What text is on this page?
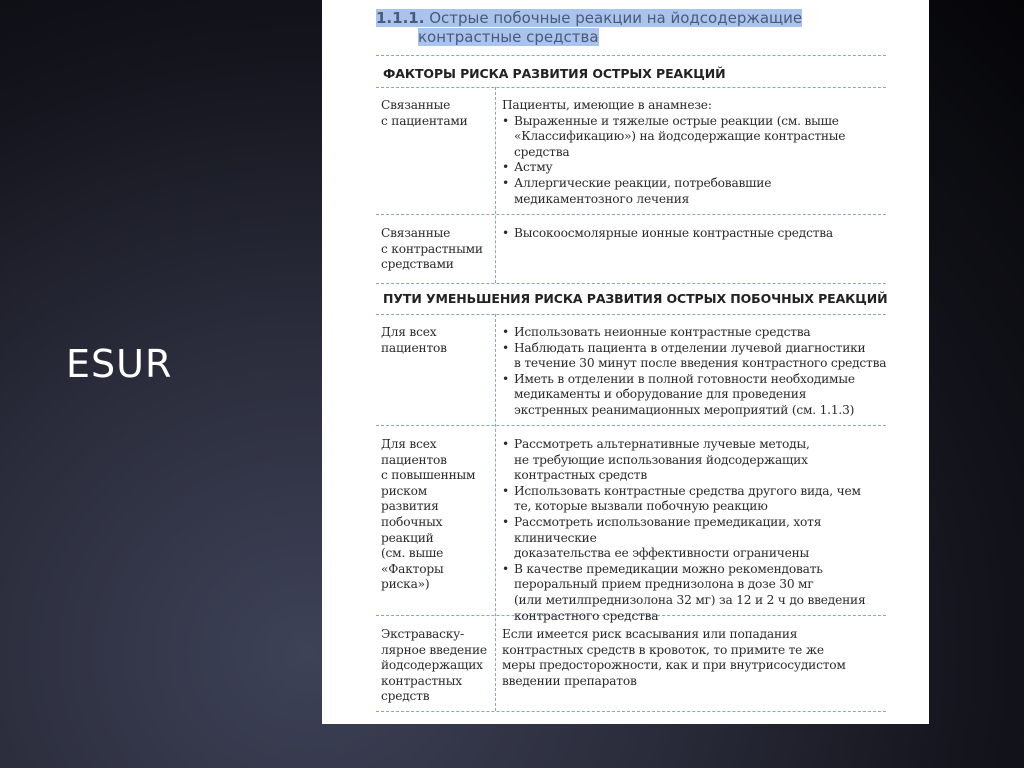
ESUR
1.1.1. Острые побочные реакции на йодсодержащие
контрастные средства
ФАКТОРЫ РИСКА РАЗВИТИЯ ОСТРЫХ РЕАКЦИЙ
Связанные
с пациентами
Пациенты, имеющие в анамнезе:
• Выраженные и тяжелые острые реакции (см. выше
«Классификацию») на йодсодержащие контрастные
средства
• Астму
• Аллергические реакции, потребовавшие
медикаментозного лечения
Связанные
с контрастными
средствами
• Высокоосмолярные ионные контрастные средства
ПУТИ УМЕНЬШЕНИЯ РИСКА РАЗВИТИЯ ОСТРЫХ ПОБОЧНЫХ РЕАКЦИЙ
Для всех
пациентов
• Использовать неионные контрастные средства
• Наблюдать пациента в отделении лучевой диагностики
в течение 30 минут после введения контрастного средства
• Иметь в отделении в полной готовности необходимые
медикаменты и оборудование для проведения
экстренных реанимационных мероприятий (см. 1.1.3)
Для всех
пациентов
с повышенным
риском
развития
побочных
реакций
(см. выше
«Факторы
риска»)
• Рассмотреть альтернативные лучевые методы,
не требующие использования йодсодержащих
контрастных средств
• Использовать контрастные средства другого вида, чем
те, которые вызвали побочную реакцию
• Рассмотреть использование премедикации, хотя клинические
доказательства ее эффективности ограничены
• В качестве премедикации можно рекомендовать
пероральный прием преднизолона в дозе 30 мг
(или метилпреднизолона 32 мг) за 12 и 2 ч до введения
контрастного средства
Экстраваску-
лярное введение
йодсодержащих
контрастных
средств
Если имеется риск всасывания или попадания
контрастных средств в кровоток, то примите те же
меры предосторожности, как и при внутрисосудистом
введении препаратов
